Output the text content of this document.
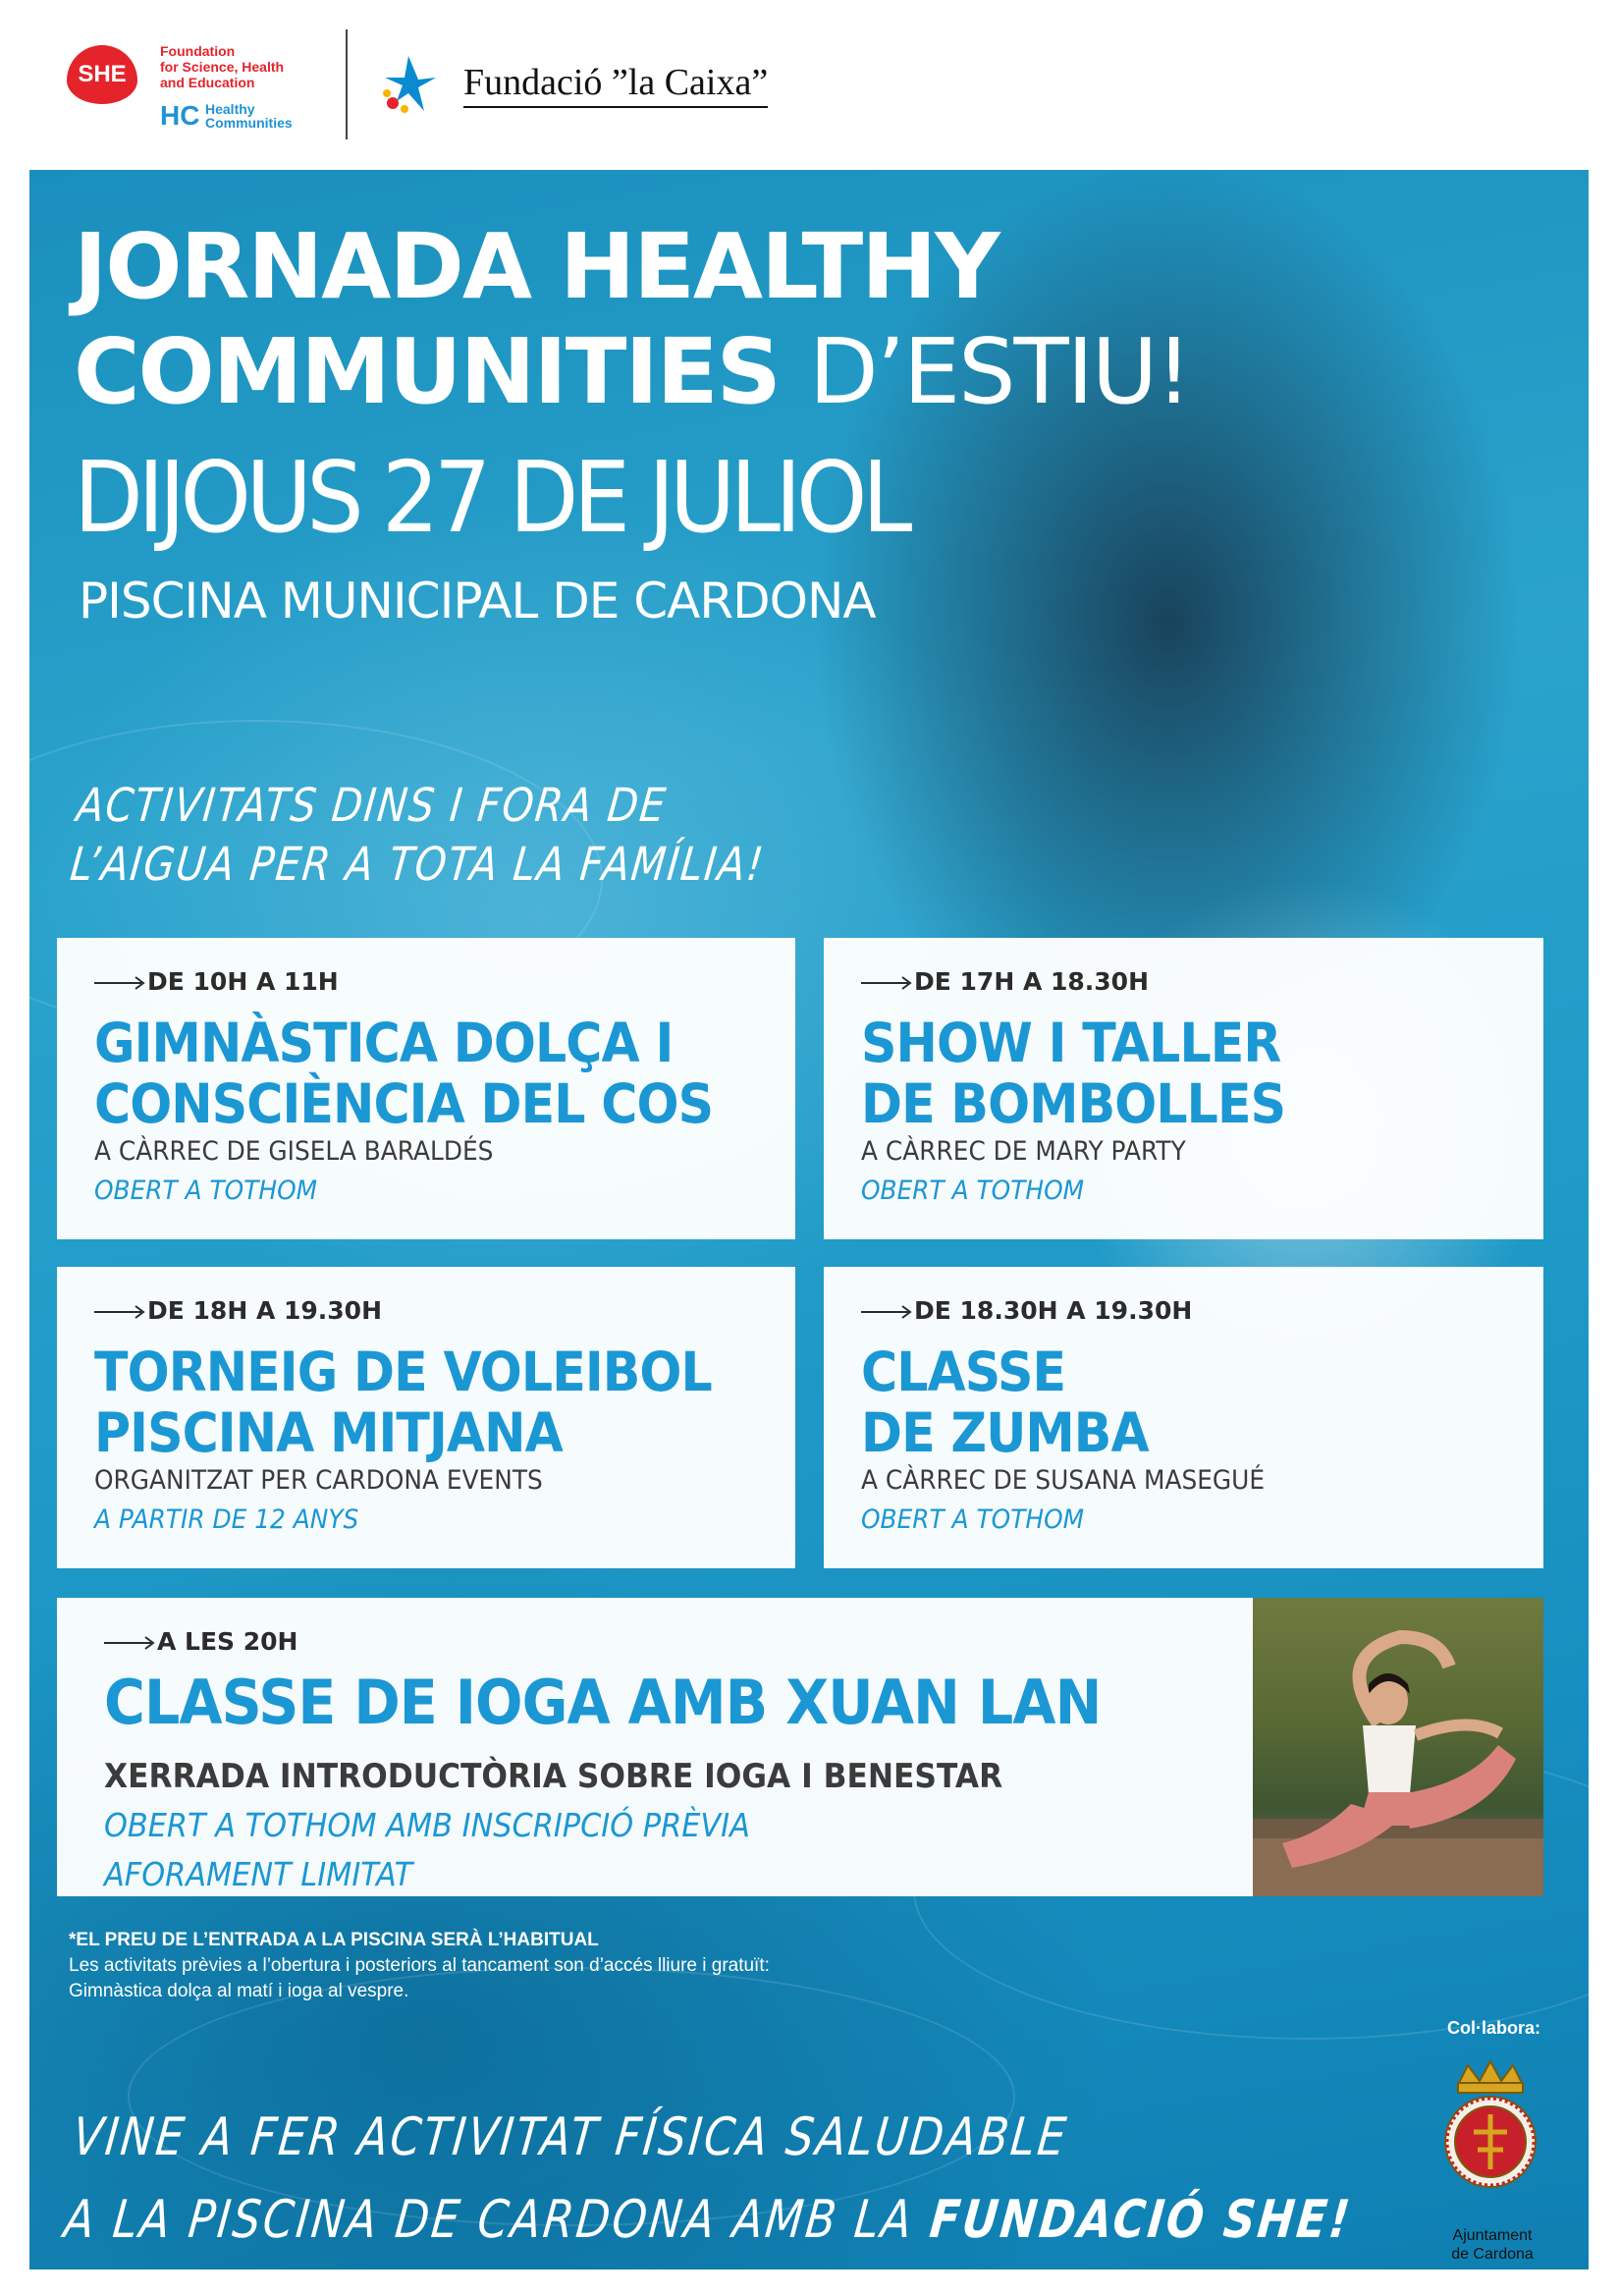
SHE
Foundation
for Science, Health
and Education
HC Healthy
Communities
Fundació ”la Caixa”
JORNADA HEALTHY
COMMUNITIES D’ESTIU!
DIJOUS 27 DE JULIOL
PISCINA MUNICIPAL DE CARDONA
ACTIVITATS DINS I FORA DE
L’AIGUA PER A TOTA LA FAMÍLIA!
DE 10H A 11H
GIMNÀSTICA DOLÇA I
CONSCIÈNCIA DEL COS
A CÀRREC DE GISELA BARALDÉS
OBERT A TOTHOM
DE 17H A 18.30H
SHOW I TALLER
DE BOMBOLLES
A CÀRREC DE MARY PARTY
OBERT A TOTHOM
DE 18H A 19.30H
TORNEIG DE VOLEIBOL
PISCINA MITJANA
ORGANITZAT PER CARDONA EVENTS
A PARTIR DE 12 ANYS
DE 18.30H A 19.30H
CLASSE
DE ZUMBA
A CÀRREC DE SUSANA MASEGUÉ
OBERT A TOTHOM
A LES 20H
CLASSE DE IOGA AMB XUAN LAN
XERRADA INTRODUCTÒRIA SOBRE IOGA I BENESTAR
OBERT A TOTHOM AMB INSCRIPCIÓ PRÈVIA
AFORAMENT LIMITAT
*EL PREU DE L’ENTRADA A LA PISCINA SERÀ L’HABITUAL
Les activitats prèvies a l’obertura i posteriors al tancament son d’accés lliure i gratuït:
Gimnàstica dolça al matí i ioga al vespre.
Col·labora:
Ajuntament
de Cardona
VINE A FER ACTIVITAT FÍSICA SALUDABLE
A LA PISCINA DE CARDONA AMB LA FUNDACIÓ SHE!
